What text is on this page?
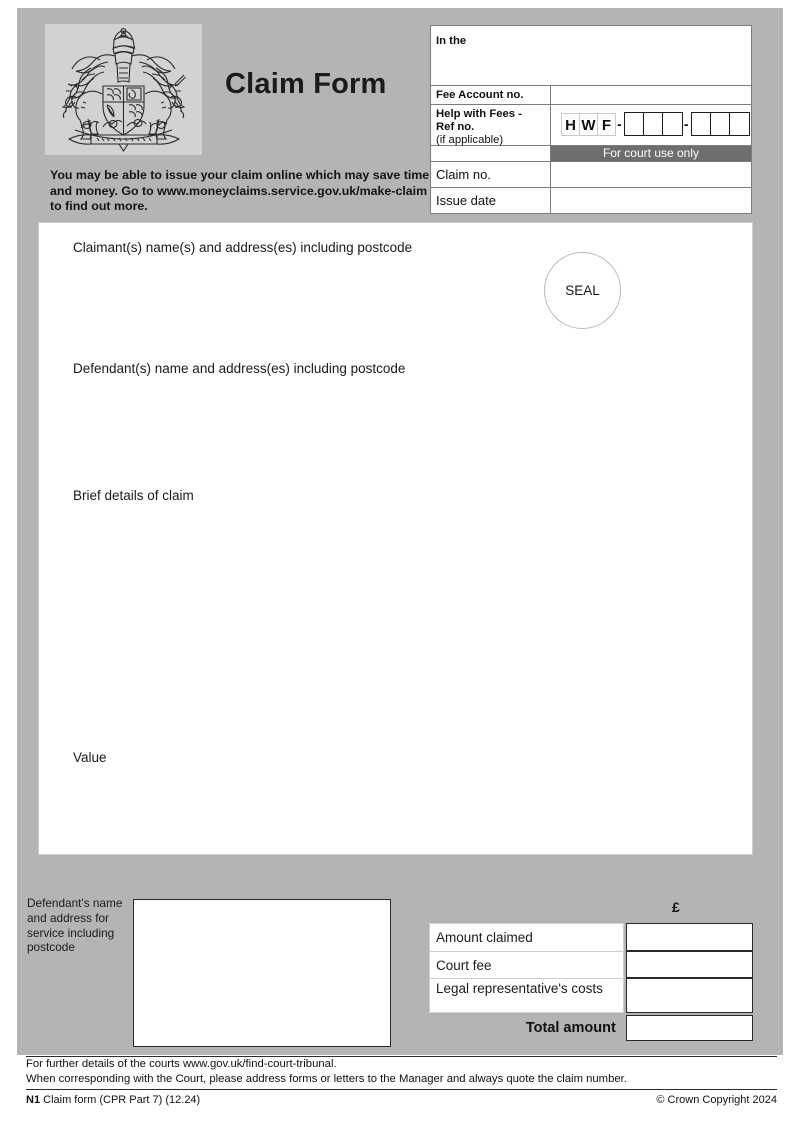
Claim Form
You may be able to issue your claim online which may save time and money. Go to www.moneyclaims.service.gov.uk/make-claim to find out more.
In the
Fee Account no.
Help with Fees -
Ref no.
(if applicable)
H W F -	-
For court use only
Claim no.
Issue date
Claimant(s) name(s) and address(es) including postcode
Defendant(s) name and address(es) including postcode
Brief details of claim
Value
SEAL
Defendant's name and address for service including postcode
£
Amount claimed
Court fee
Legal representative's costs
Total amount
For further details of the courts www.gov.uk/find-court-tribunal.
When corresponding with the Court, please address forms or letters to the Manager and always quote the claim number.
N1 Claim form (CPR Part 7) (12.24)	© Crown Copyright 2024
